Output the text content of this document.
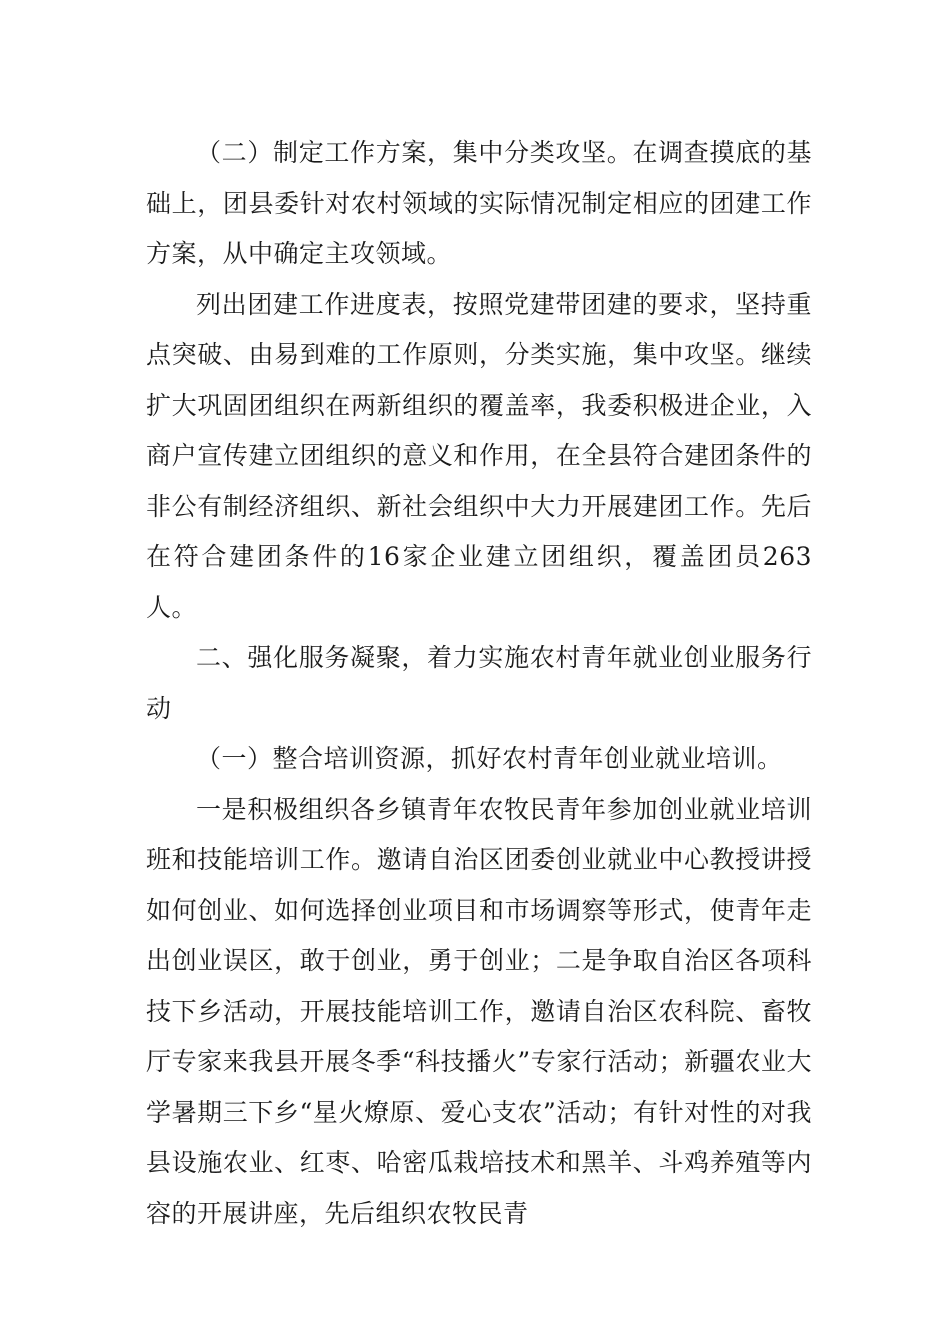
（二）制定工作方案，集中分类攻坚。在调查摸底的基础上，团县委针对农村领域的实际情况制定相应的团建工作方案，从中确定主攻领域。

列出团建工作进度表，按照党建带团建的要求，坚持重点突破、由易到难的工作原则，分类实施，集中攻坚。继续扩大巩固团组织在两新组织的覆盖率，我委积极进企业，入商户宣传建立团组织的意义和作用，在全县符合建团条件的非公有制经济组织、新社会组织中大力开展建团工作。先后在符合建团条件的16家企业建立团组织，覆盖团员263人。

二、强化服务凝聚，着力实施农村青年就业创业服务行动

（一）整合培训资源，抓好农村青年创业就业培训。

一是积极组织各乡镇青年农牧民青年参加创业就业培训班和技能培训工作。邀请自治区团委创业就业中心教授讲授如何创业、如何选择创业项目和市场调察等形式，使青年走出创业误区，敢于创业，勇于创业；二是争取自治区各项科技下乡活动，开展技能培训工作，邀请自治区农科院、畜牧厅专家来我县开展冬季“科技播火”专家行活动；新疆农业大学暑期三下乡“星火燎原、爱心支农”活动；有针对性的对我县设施农业、红枣、哈密瓜栽培技术和黑羊、斗鸡养殖等内容的开展讲座，先后组织农牧民青
